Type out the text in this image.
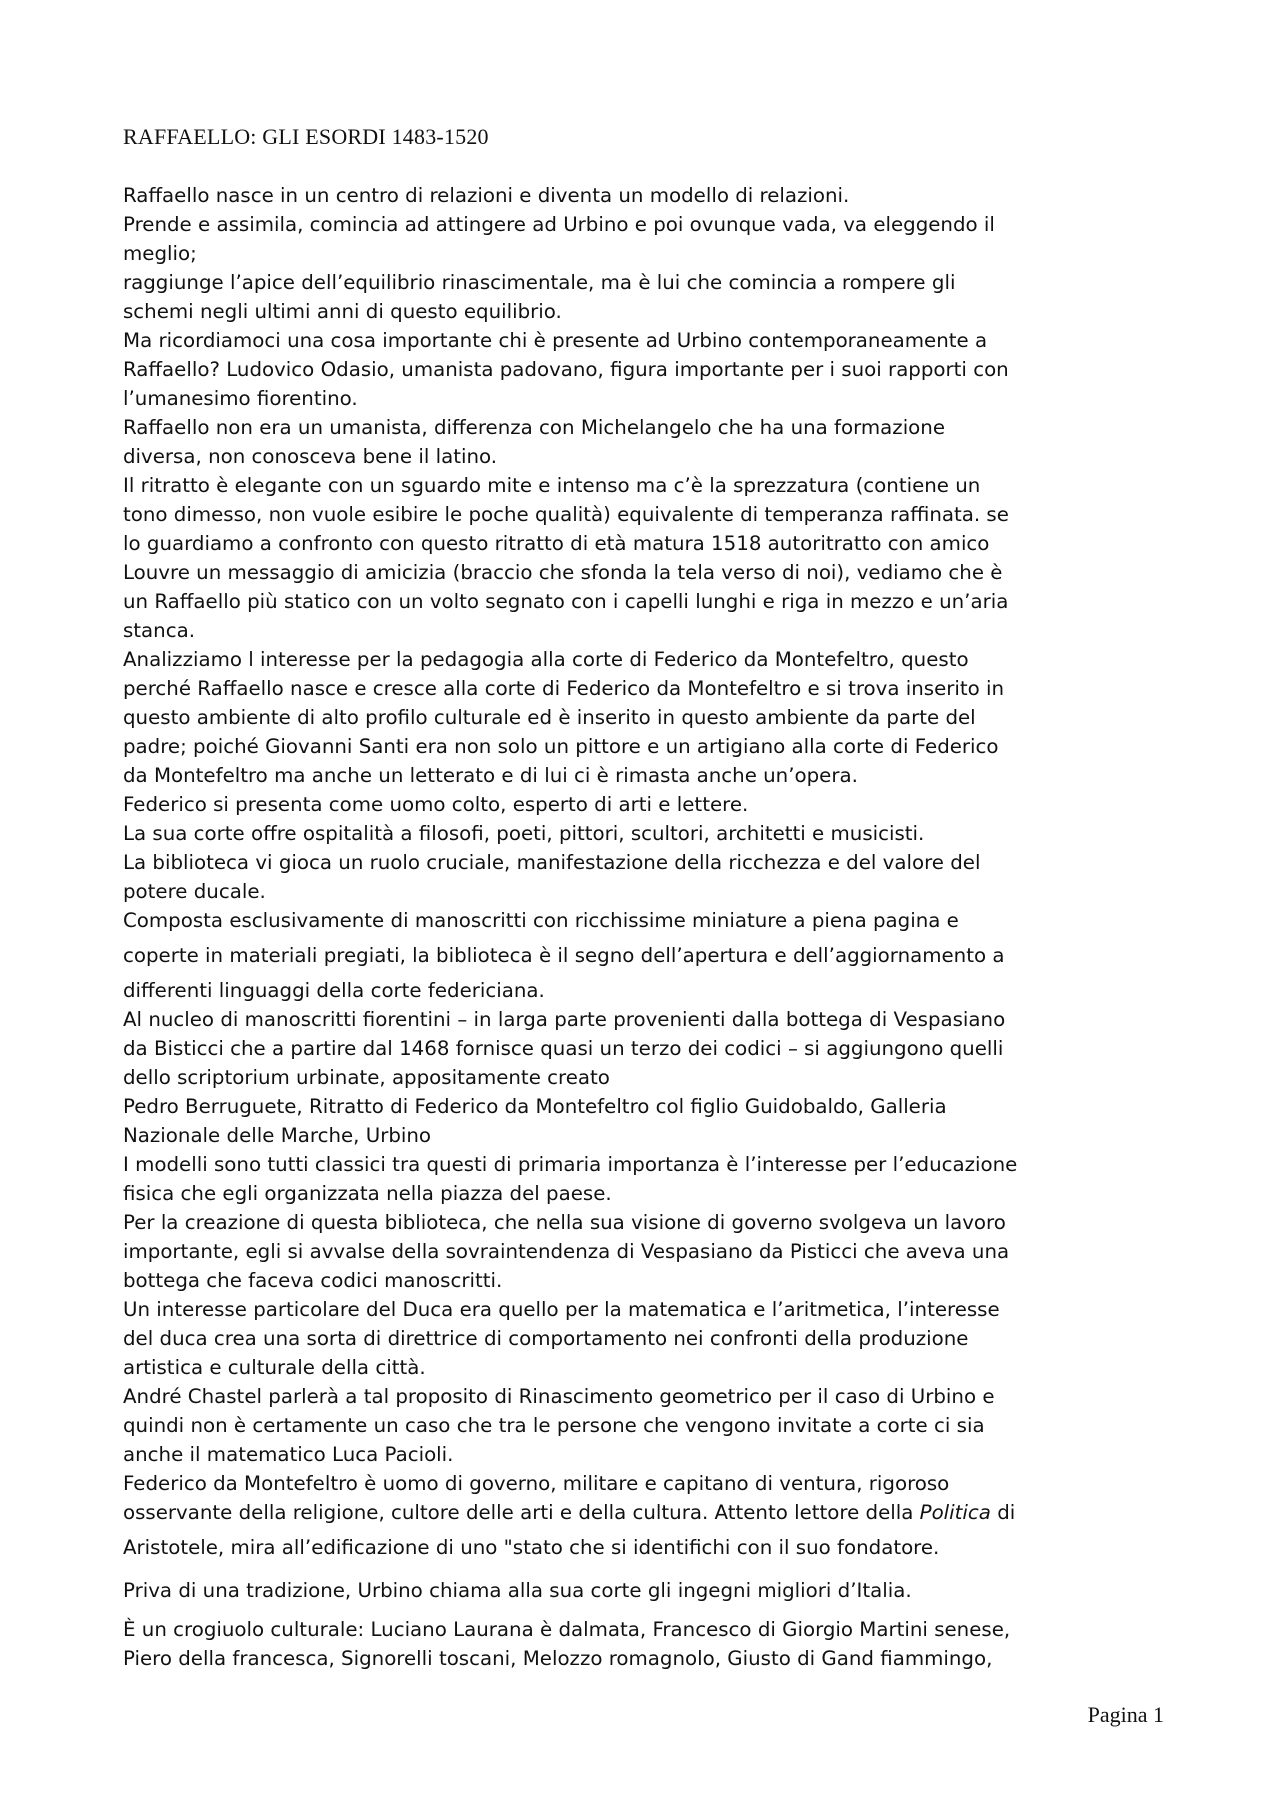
RAFFAELLO: GLI ESORDI 1483-1520
Raffaello nasce in un centro di relazioni e diventa un modello di relazioni.
Prende e assimila, comincia ad attingere ad Urbino e poi ovunque vada, va eleggendo il
meglio;
raggiunge l’apice dell’equilibrio rinascimentale, ma è lui che comincia a rompere gli
schemi negli ultimi anni di questo equilibrio.
Ma ricordiamoci una cosa importante chi è presente ad Urbino contemporaneamente a
Raffaello? Ludovico Odasio, umanista padovano, figura importante per i suoi rapporti con
l’umanesimo fiorentino.
Raffaello non era un umanista, differenza con Michelangelo che ha una formazione
diversa, non conosceva bene il latino.
Il ritratto è elegante con un sguardo mite e intenso ma c’è la sprezzatura (contiene un
tono dimesso, non vuole esibire le poche qualità) equivalente di temperanza raffinata. se
lo guardiamo a confronto con questo ritratto di età matura 1518 autoritratto con amico
Louvre un messaggio di amicizia (braccio che sfonda la tela verso di noi), vediamo che è
un Raffaello più statico con un volto segnato con i capelli lunghi e riga in mezzo e un’aria
stanca.
Analizziamo l interesse per la pedagogia alla corte di Federico da Montefeltro, questo
perché Raffaello nasce e cresce alla corte di Federico da Montefeltro e si trova inserito in
questo ambiente di alto profilo culturale ed è inserito in questo ambiente da parte del
padre; poiché Giovanni Santi era non solo un pittore e un artigiano alla corte di Federico
da Montefeltro ma anche un letterato e di lui ci è rimasta anche un’opera.
Federico si presenta come uomo colto, esperto di arti e lettere.
La sua corte offre ospitalità a filosofi, poeti, pittori, scultori, architetti e musicisti.
La biblioteca vi gioca un ruolo cruciale, manifestazione della ricchezza e del valore del
potere ducale.
Composta esclusivamente di manoscritti con ricchissime miniature a piena pagina e
coperte in materiali pregiati, la biblioteca è il segno dell’apertura e dell’aggiornamento a
differenti linguaggi della corte federiciana.
Al nucleo di manoscritti fiorentini – in larga parte provenienti dalla bottega di Vespasiano
da Bisticci che a partire dal 1468 fornisce quasi un terzo dei codici – si aggiungono quelli
dello scriptorium urbinate, appositamente creato
Pedro Berruguete, Ritratto di Federico da Montefeltro col figlio Guidobaldo, Galleria
Nazionale delle Marche, Urbino
I modelli sono tutti classici tra questi di primaria importanza è l’interesse per l’educazione
fisica che egli organizzata nella piazza del paese.
Per la creazione di questa biblioteca, che nella sua visione di governo svolgeva un lavoro
importante, egli si avvalse della sovraintendenza di Vespasiano da Pisticci che aveva una
bottega che faceva codici manoscritti.
Un interesse particolare del Duca era quello per la matematica e l’aritmetica, l’interesse
del duca crea una sorta di direttrice di comportamento nei confronti della produzione
artistica e culturale della città.
André Chastel parlerà a tal proposito di Rinascimento geometrico per il caso di Urbino e
quindi non è certamente un caso che tra le persone che vengono invitate a corte ci sia
anche il matematico Luca Pacioli.
Federico da Montefeltro è uomo di governo, militare e capitano di ventura, rigoroso
osservante della religione, cultore delle arti e della cultura. Attento lettore della Politica di
Aristotele, mira all’edificazione di uno "stato che si identifichi con il suo fondatore.
Priva di una tradizione, Urbino chiama alla sua corte gli ingegni migliori d’Italia.
È un crogiuolo culturale: Luciano Laurana è dalmata, Francesco di Giorgio Martini senese,
Piero della francesca, Signorelli toscani, Melozzo romagnolo, Giusto di Gand fiammingo,
Pagina 1
